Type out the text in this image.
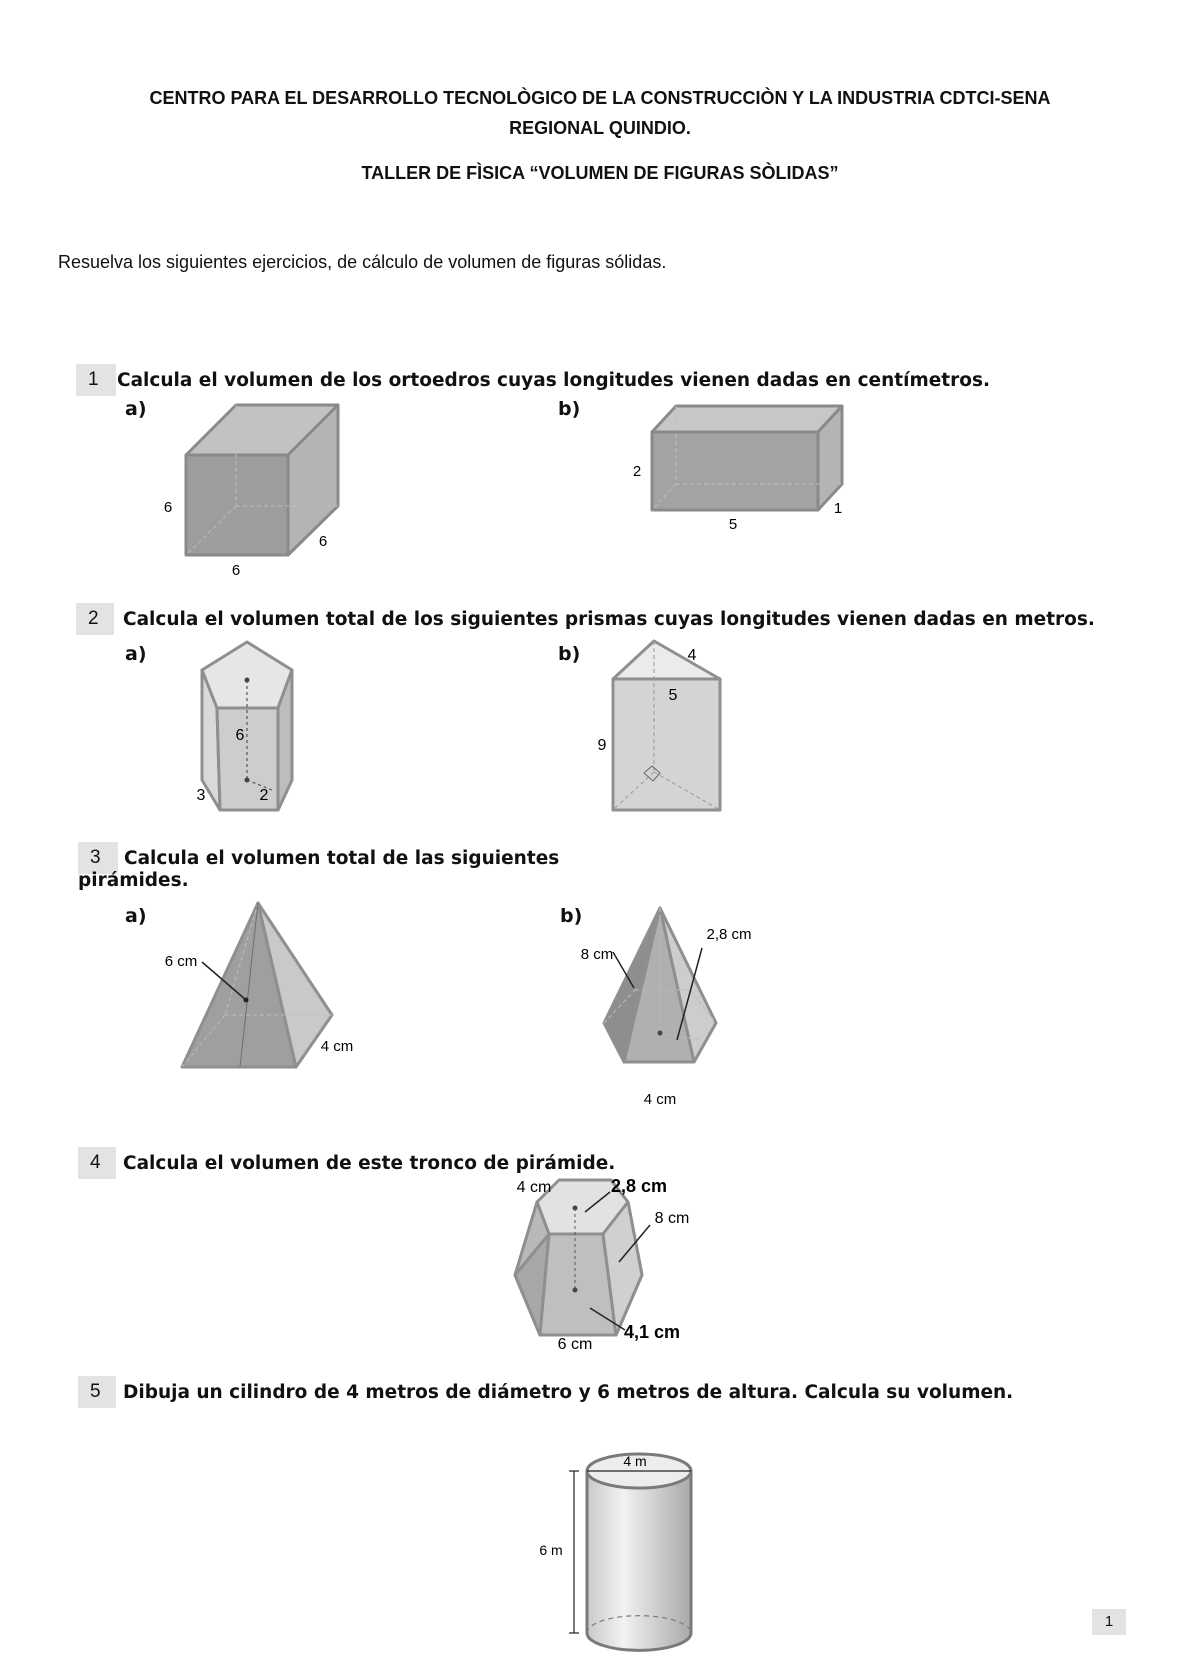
CENTRO PARA EL DESARROLLO TECNOLÒGICO DE LA CONSTRUCCIÒN Y LA INDUSTRIA CDTCI-SENA
REGIONAL QUINDIO.
TALLER DE FÌSICA “VOLUMEN DE FIGURAS SÒLIDAS”
Resuelva los siguientes ejercicios, de cálculo de volumen de figuras sólidas.
1 Calcula el volumen de los ortoedros cuyas longitudes vienen dadas en centímetros.
a)	b)
2	Calcula el volumen total de los siguientes prismas cuyas longitudes vienen dadas en metros.
a)	b)
3	Calcula el volumen total de las siguientes
pirámides.
a)	b)
4	Calcula el volumen de este tronco de pirámide.
5	Dibuja un cilindro de 4 metros de diámetro y 6 metros de altura. Calcula su volumen.
1
6
6
6
2
5
1
6
3	2
4
5
9
6 cm
4 cm
8 cm
2,8 cm
4 cm
4 cm	2,8 cm
8 cm
4,1 cm
6 cm
4 m
6 m
